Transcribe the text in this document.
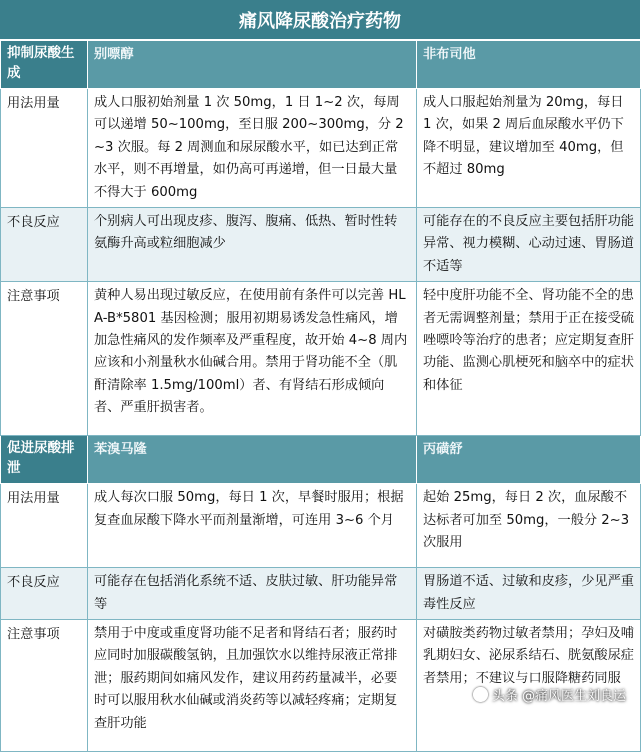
痛风降尿酸治疗药物
抑制尿酸生成	别嘌醇	非布司他
用法用量	成人口服初始剂量 1 次 50mg，1 日 1~2 次，每周可以递增 50~100mg，至日服 200~300mg，分 2~3 次服。每 2 周测血和尿尿酸水平，如已达到正常水平，则不再增量，如仍高可再递增，但一日最大量不得大于 600mg	成人口服起始剂量为 20mg，每日 1 次，如果 2 周后血尿酸水平仍下降不明显，建议增加至 40mg，但不超过 80mg
不良反应	个别病人可出现皮疹、腹泻、腹痛、低热、暂时性转氨酶升高或粒细胞减少	可能存在的不良反应主要包括肝功能异常、视力模糊、心动过速、胃肠道不适等
注意事项	黄种人易出现过敏反应，在使用前有条件可以完善 HLA-B*5801 基因检测；服用初期易诱发急性痛风，增加急性痛风的发作频率及严重程度，故开始 4~8 周内应该和小剂量秋水仙碱合用。禁用于肾功能不全（肌酐清除率 1.5mg/100ml）者、有肾结石形成倾向者、严重肝损害者。	轻中度肝功能不全、肾功能不全的患者无需调整剂量；禁用于正在接受硫唑嘌呤等治疗的患者；应定期复查肝功能、监测心肌梗死和脑卒中的症状和体征
促进尿酸排泄	苯溴马隆	丙磺舒
用法用量	成人每次口服 50mg，每日 1 次，早餐时服用；根据复查血尿酸下降水平而剂量渐增，可连用 3~6 个月	起始 25mg，每日 2 次，血尿酸不达标者可加至 50mg，一般分 2~3 次服用
不良反应	可能存在包括消化系统不适、皮肤过敏、肝功能异常等	胃肠道不适、过敏和皮疹，少见严重毒性反应
注意事项	禁用于中度或重度肾功能不足者和肾结石者；服药时应同时加服碳酸氢钠，且加强饮水以维持尿液正常排泄；服药期间如痛风发作，建议用药药量减半，必要时可以服用秋水仙碱或消炎药等以减轻疼痛；定期复查肝功能	对磺胺类药物过敏者禁用；孕妇及哺乳期妇女、泌尿系结石、胱氨酸尿症者禁用；不建议与口服降糖药同服
头条 @痛风医生刘良运
